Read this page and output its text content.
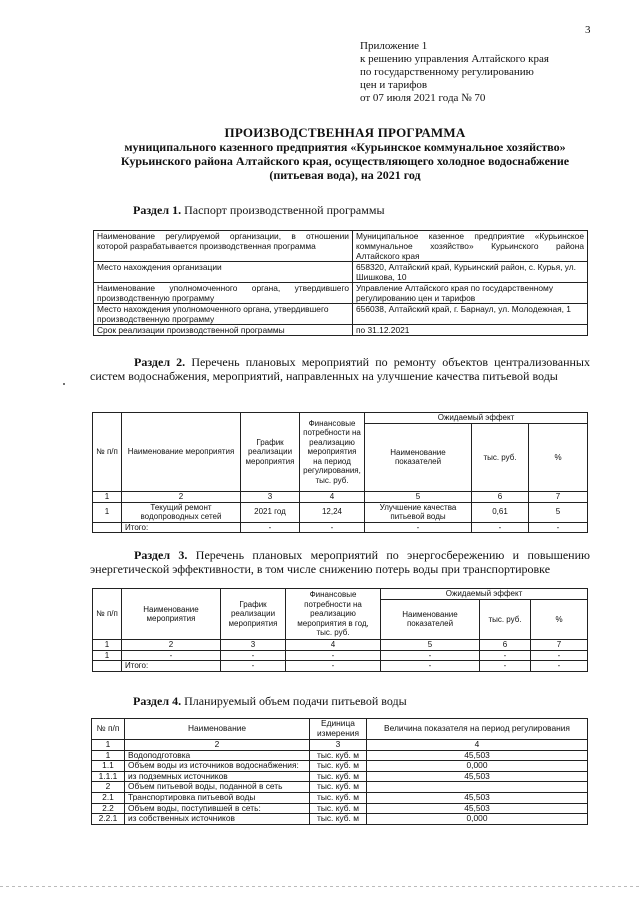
3
Приложение 1
к решению управления Алтайского края
по государственному регулированию
цен и тарифов
от 07 июля 2021 года № 70
ПРОИЗВОДСТВЕННАЯ ПРОГРАММА
муниципального казенного предприятия «Курьинское коммунальное хозяйство»
Курьинского района Алтайского края, осуществляющего холодное водоснабжение
(питьевая вода), на 2021 год
Раздел 1. Паспорт производственной программы
Наименование регулируемой организации, в отношении которой разрабатывается производственная программа	Муниципальное казенное предприятие «Курьинское коммунальное хозяйство» Курьинского района Алтайского края
Место нахождения организации	658320, Алтайский край, Курьинский район, с. Курья, ул. Шишкова, 10
Наименование уполномоченного органа, утвердившего производственную программу	Управление Алтайского края по государственному регулированию цен и тарифов
Место нахождения уполномоченного органа, утвердившего производственную программу	656038, Алтайский край, г. Барнаул, ул. Молодежная, 1
Срок реализации производственной программы	по 31.12.2021
Раздел 2. Перечень плановых мероприятий по ремонту объектов централизованных систем водоснабжения, мероприятий, направленных на улучшение качества питьевой воды
№ п/п	Наименование мероприятия	График реализации мероприятия	Финансовые потребности на реализацию мероприятия на период регулирования, тыс. руб.	Ожидаемый эффект		
				Наименование показателей	тыс. руб.	%
1	2	3	4	5	6	7
1	Текущий ремонт водопроводных сетей	2021 год	12,24	Улучшение качества питьевой воды	0,61	5
	Итого:	-	-	-	-	-
Раздел 3. Перечень плановых мероприятий по энергосбережению и повышению энергетической эффективности, в том числе снижению потерь воды при транспортировке
№ п/п	Наименование мероприятия	График реализации мероприятия	Финансовые потребности на реализацию мероприятия в год, тыс. руб.	Ожидаемый эффект		
				Наименование показателей	тыс. руб.	%
1	2	3	4	5	6	7
1	-	-	-	-	-	-
	Итого:	-	-	-	-	-
Раздел 4. Планируемый объем подачи питьевой воды
№ п/п	Наименование	Единица измерения	Величина показателя на период регулирования
1	2	3	4
1	Водоподготовка	тыс. куб. м	45,503
1.1	Объем воды из источников водоснабжения:	тыс. куб. м	0,000
1.1.1	из подземных источников	тыс. куб. м	45,503
2	Объем питьевой воды, поданной в сеть	тыс. куб. м	
2.1	Транспортировка питьевой воды	тыс. куб. м	45,503
2.2	Объем воды, поступившей в сеть:	тыс. куб. м	45,503
2.2.1	из собственных источников	тыс. куб. м	0,000
